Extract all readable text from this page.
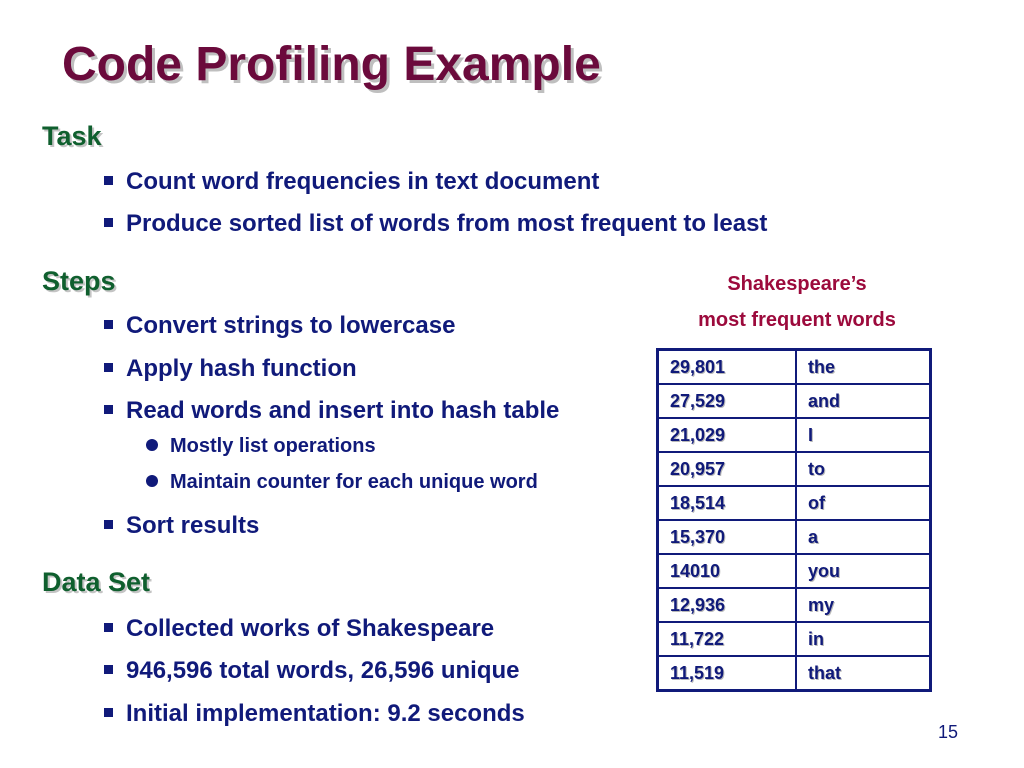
Code Profiling Example
Task
Count word frequencies in text document
Produce sorted list of words from most frequent to least
Steps
Convert strings to lowercase
Apply hash function
Read words and insert into hash table
Mostly list operations
Maintain counter for each unique word
Sort results
Data Set
Collected works of Shakespeare
946,596 total words, 26,596 unique
Initial implementation: 9.2 seconds
Shakespeare’s
most frequent words
29,801	the
27,529	and
21,029	I
20,957	to
18,514	of
15,370	a
14010	you
12,936	my
11,722	in
11,519	that
15
